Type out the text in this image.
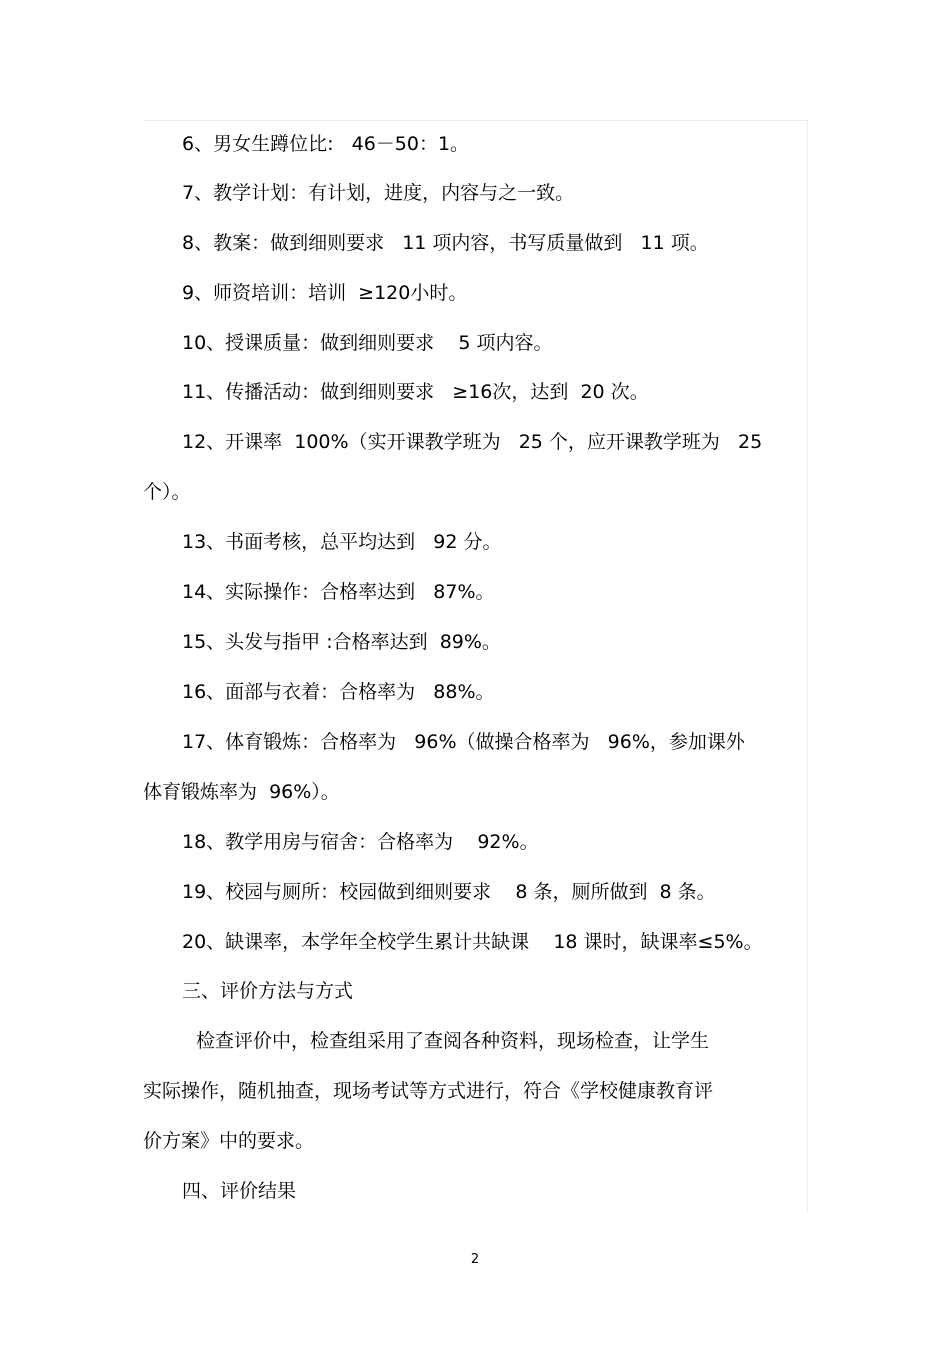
6、男女生蹲位比:   46－50：1。
7、教学计划：有计划，进度，内容与之一致。
8、教案：做到细则要求   11 项内容，书写质量做到   11 项。
9、师资培训：培训  ≥120小时。
10、授课质量：做到细则要求    5 项内容。
11、传播活动：做到细则要求   ≥16次，达到  20 次。
12、开课率  100%（实开课教学班为   25 个，应开课教学班为   25
个）。
13、书面考核，总平均达到   92 分。
14、实际操作：合格率达到   87%。
15、头发与指甲 :合格率达到  89%。
16、面部与衣着：合格率为   88%。
17、体育锻炼：合格率为   96%（做操合格率为   96%，参加课外
体育锻炼率为  96%）。
18、教学用房与宿舍：合格率为    92%。
19、校园与厕所：校园做到细则要求    8 条，厕所做到  8 条。
20、缺课率，本学年全校学生累计共缺课    18 课时，缺课率≤5%。
三、评价方法与方式
检查评价中，检查组采用了查阅各种资料，现场检查，让学生
实际操作，随机抽查，现场考试等方式进行，符合《学校健康教育评
价方案》中的要求。
四、评价结果
2
